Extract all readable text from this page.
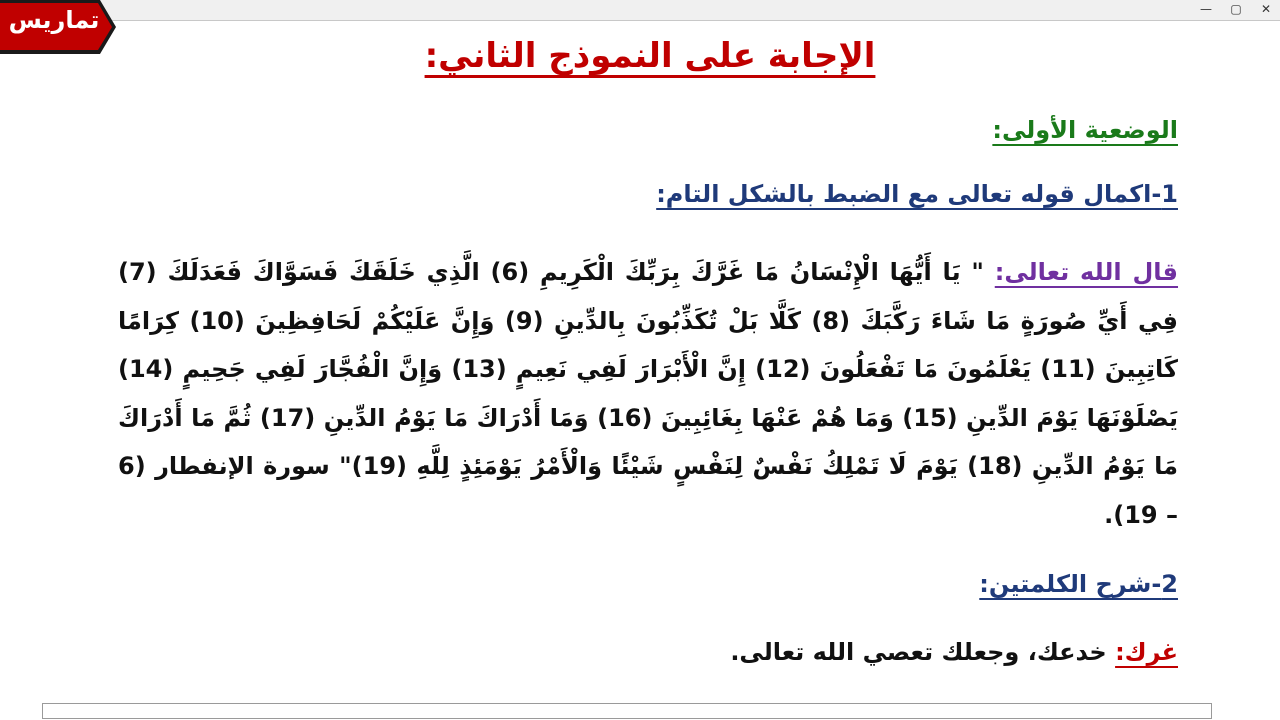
— ▢ ✕
تماريس
الإجابة على النموذج الثاني:
الوضعية الأولى:
1-اكمال قوله تعالى مع الضبط بالشكل التام:
قال الله تعالى: " يَا أَيُّهَا الْإِنْسَانُ مَا غَرَّكَ بِرَبِّكَ الْكَرِيمِ (6) الَّذِي خَلَقَكَ فَسَوَّاكَ فَعَدَلَكَ (7) فِي أَيِّ صُورَةٍ مَا شَاءَ رَكَّبَكَ (8) كَلَّا بَلْ تُكَذِّبُونَ بِالدِّينِ (9) وَإِنَّ عَلَيْكُمْ لَحَافِظِينَ (10) كِرَامًا كَاتِبِينَ (11) يَعْلَمُونَ مَا تَفْعَلُونَ (12) إِنَّ الْأَبْرَارَ لَفِي نَعِيمٍ (13) وَإِنَّ الْفُجَّارَ لَفِي جَحِيمٍ (14) يَصْلَوْنَهَا يَوْمَ الدِّينِ (15) وَمَا هُمْ عَنْهَا بِغَائِبِينَ (16) وَمَا أَدْرَاكَ مَا يَوْمُ الدِّينِ (17) ثُمَّ مَا أَدْرَاكَ مَا يَوْمُ الدِّينِ (18) يَوْمَ لَا تَمْلِكُ نَفْسٌ لِنَفْسٍ شَيْئًا وَالْأَمْرُ يَوْمَئِذٍ لِلَّهِ (19)" سورة الإنفطار (6 – 19).
2-شرح الكلمتين:
غرك: خدعك، وجعلك تعصي الله تعالى.
